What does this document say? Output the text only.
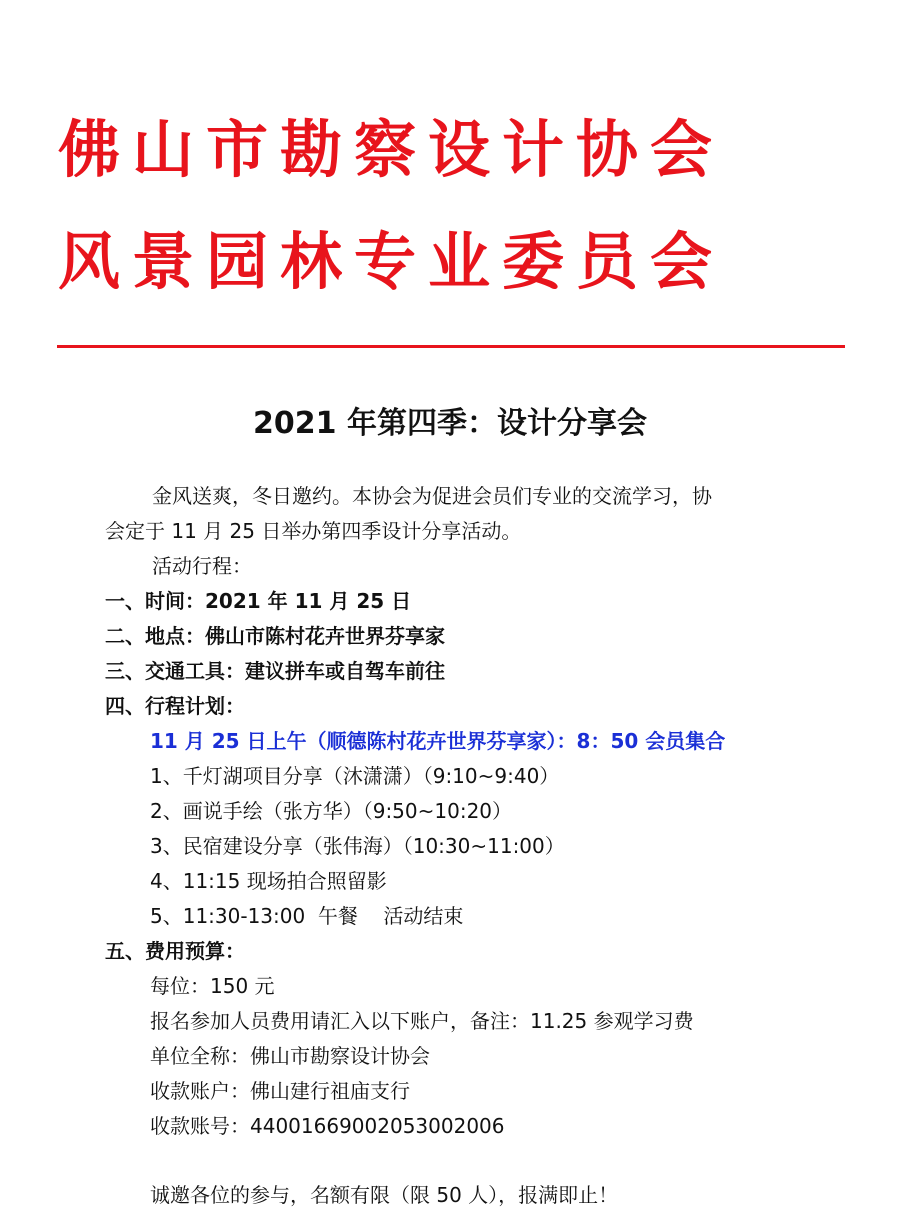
佛山市勘察设计协会
风景园林专业委员会
2021 年第四季：设计分享会
金风送爽，冬日邀约。本协会为促进会员们专业的交流学习，协
会定于 11 月 25 日举办第四季设计分享活动。
活动行程：
一、时间：2021 年 11 月 25 日
二、地点：佛山市陈村花卉世界芬享家
三、交通工具：建议拼车或自驾车前往
四、行程计划：
11 月 25 日上午（顺德陈村花卉世界芬享家）：8：50 会员集合
1、千灯湖项目分享（沐潇潇）（9:10~9:40）
2、画说手绘（张方华）（9:50~10:20）
3、民宿建设分享（张伟海）（10:30~11:00）
4、11:15 现场拍合照留影
5、11:30-13:00  午餐    活动结束
五、费用预算：
每位：150 元
报名参加人员费用请汇入以下账户，备注：11.25 参观学习费
单位全称：佛山市勘察设计协会
收款账户：佛山建行祖庙支行
收款账号：44001669002053002006
诚邀各位的参与，名额有限（限 50 人），报满即止！
